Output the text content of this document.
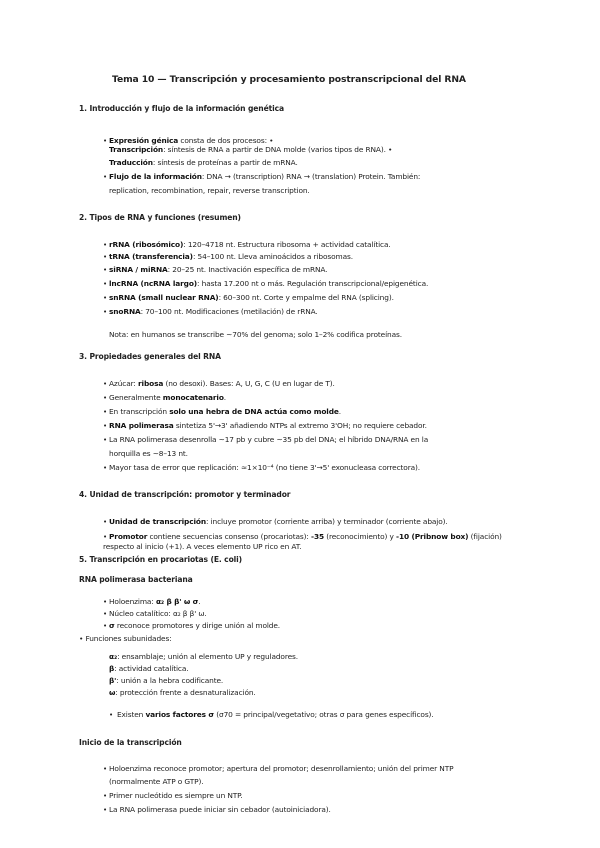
Tema 10 — Transcripción y procesamiento postranscripcional del RNA
1. Introducción y flujo de la información genética
• Expresión génica consta de dos procesos: •
Transcripción: síntesis de RNA a partir de DNA molde (varios tipos de RNA). •
Traducción: síntesis de proteínas a partir de mRNA.
• Flujo de la información: DNA → (transcription) RNA → (translation) Protein. También:
replication, recombination, repair, reverse transcription.
2. Tipos de RNA y funciones (resumen)
• rRNA (ribosómico): 120–4718 nt. Estructura ribosoma + actividad catalítica.
• tRNA (transferencia): 54–100 nt. Lleva aminoácidos a ribosomas.
• siRNA / miRNA: 20–25 nt. Inactivación específica de mRNA.
• lncRNA (ncRNA largo): hasta 17.200 nt o más. Regulación transcripcional/epigenética.
• snRNA (small nuclear RNA): 60–300 nt. Corte y empalme del RNA (splicing).
• snoRNA: 70–100 nt. Modificaciones (metilación) de rRNA.
Nota: en humanos se transcribe ~70% del genoma; solo 1–2% codifica proteínas.
3. Propiedades generales del RNA
• Azúcar: ribosa (no desoxi). Bases: A, U, G, C (U en lugar de T).
• Generalmente monocatenario.
• En transcripción solo una hebra de DNA actúa como molde.
• RNA polimerasa sintetiza 5'→3' añadiendo NTPs al extremo 3'OH; no requiere cebador.
• La RNA polimerasa desenrolla ~17 pb y cubre ~35 pb del DNA; el híbrido DNA/RNA en la
horquilla es ~8–13 nt.
• Mayor tasa de error que replicación: ≈1×10⁻⁴ (no tiene 3'→5' exonucleasa correctora).
4. Unidad de transcripción: promotor y terminador
• Unidad de transcripción: incluye promotor (corriente arriba) y terminador (corriente abajo).
• Promotor contiene secuencias consenso (procariotas): -35 (reconocimiento) y -10 (Pribnow box) (fijación)
respecto al inicio (+1). A veces elemento UP rico en AT.
5. Transcripción en procariotas (E. coli)
RNA polimerasa bacteriana
• Holoenzima: α₂ β β' ω σ.
• Núcleo catalítico: α₂ β β' ω.
• σ reconoce promotores y dirige unión al molde.
• Funciones subunidades:
α₂: ensamblaje; unión al elemento UP y reguladores.
β: actividad catalítica.
β': unión a la hebra codificante.
ω: protección frente a desnaturalización.
• Existen varios factores σ (σ70 = principal/vegetativo; otras σ para genes específicos).
Inicio de la transcripción
• Holoenzima reconoce promotor; apertura del promotor; desenrollamiento; unión del primer NTP
(normalmente ATP o GTP).
• Primer nucleótido es siempre un NTP.
• La RNA polimerasa puede iniciar sin cebador (autoiniciadora).
